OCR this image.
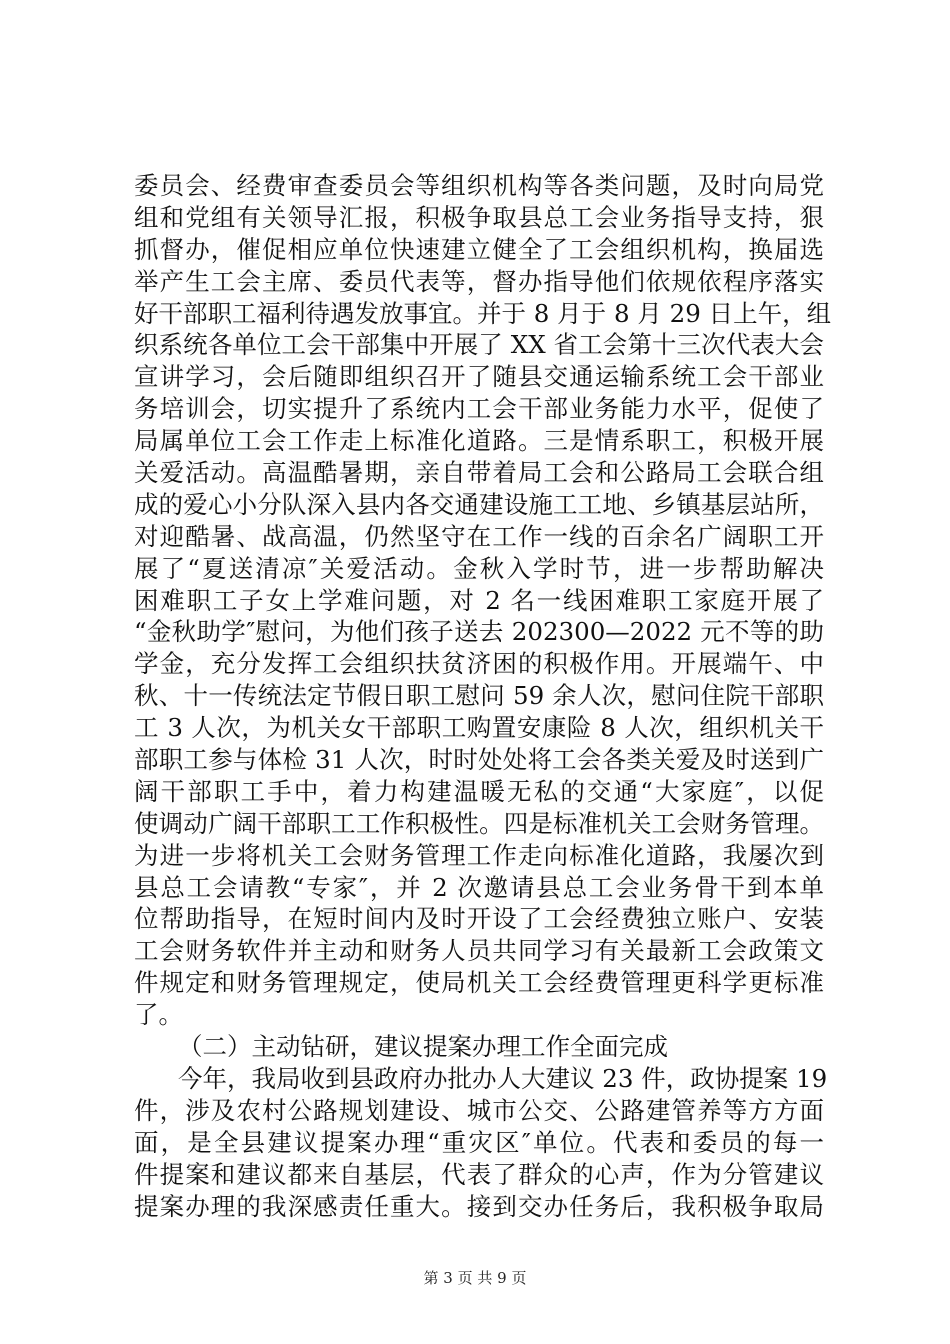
委员会、经费审查委员会等组织机构等各类问题，及时向局党
组和党组有关领导汇报，积极争取县总工会业务指导支持，狠
抓督办，催促相应单位快速建立健全了工会组织机构，换届选
举产生工会主席、委员代表等，督办指导他们依规依程序落实
好干部职工福利待遇发放事宜。并于 8 月于 8 月 29 日上午，组
织系统各单位工会干部集中开展了 XX 省工会第十三次代表大会
宣讲学习，会后随即组织召开了随县交通运输系统工会干部业
务培训会，切实提升了系统内工会干部业务能力水平，促使了
局属单位工会工作走上标准化道路。三是情系职工，积极开展
关爱活动。高温酷暑期，亲自带着局工会和公路局工会联合组
成的爱心小分队深入县内各交通建设施工工地、乡镇基层站所，
对迎酷暑、战高温，仍然坚守在工作一线的百余名广阔职工开
展了“夏送清凉″关爱活动。金秋入学时节，进一步帮助解决
困难职工子女上学难问题，对 2 名一线困难职工家庭开展了
“金秋助学″慰问，为他们孩子送去 202300—2022 元不等的助
学金，充分发挥工会组织扶贫济困的积极作用。开展端午、中
秋、十一传统法定节假日职工慰问 59 余人次，慰问住院干部职
工 3 人次，为机关女干部职工购置安康险 8 人次，组织机关干
部职工参与体检 31 人次，时时处处将工会各类关爱及时送到广
阔干部职工手中，着力构建温暖无私的交通“大家庭″，以促
使调动广阔干部职工工作积极性。四是标准机关工会财务管理。
为进一步将机关工会财务管理工作走向标准化道路，我屡次到
县总工会请教“专家″，并 2 次邀请县总工会业务骨干到本单
位帮助指导，在短时间内及时开设了工会经费独立账户、安装
工会财务软件并主动和财务人员共同学习有关最新工会政策文
件规定和财务管理规定，使局机关工会经费管理更科学更标准
了。
（二）主动钻研，建议提案办理工作全面完成
今年，我局收到县政府办批办人大建议 23 件，政协提案 19
件，涉及农村公路规划建设、城市公交、公路建管养等方方面
面，是全县建议提案办理“重灾区″单位。代表和委员的每一
件提案和建议都来自基层，代表了群众的心声，作为分管建议
提案办理的我深感责任重大。接到交办任务后，我积极争取局
第 3 页 共 9 页
